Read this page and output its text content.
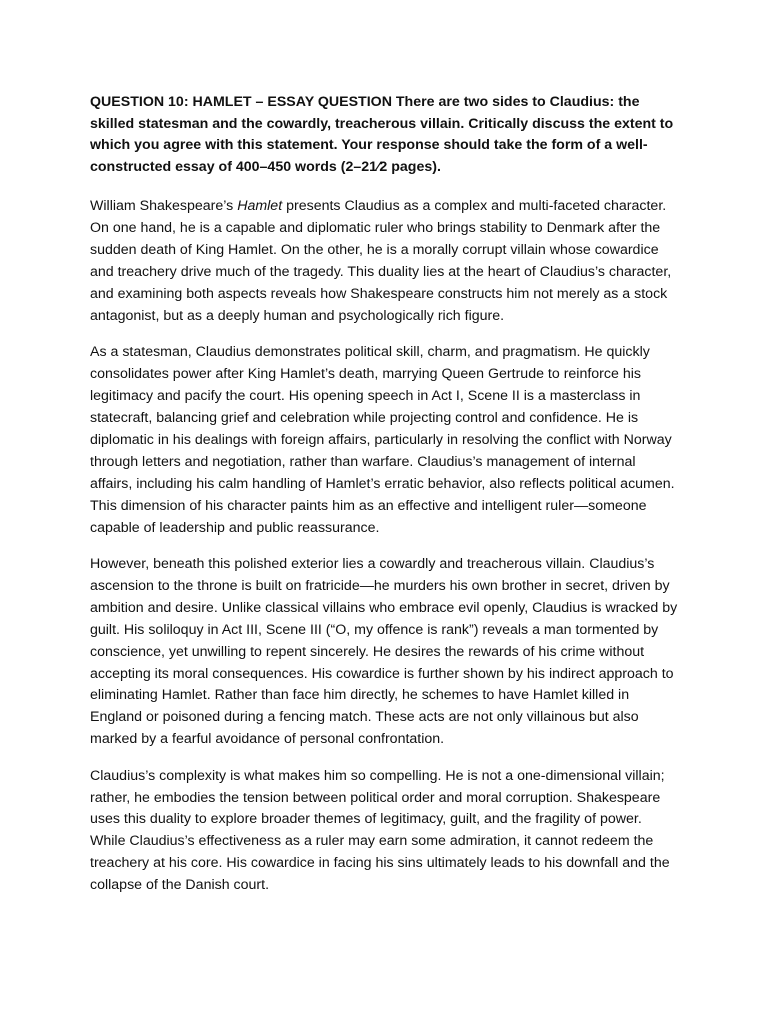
QUESTION 10: HAMLET – ESSAY QUESTION There are two sides to Claudius: the skilled statesman and the cowardly, treacherous villain. Critically discuss the extent to which you agree with this statement. Your response should take the form of a well-constructed essay of 400–450 words (2–21⁄2 pages).

William Shakespeare’s Hamlet presents Claudius as a complex and multi-faceted character. On one hand, he is a capable and diplomatic ruler who brings stability to Denmark after the sudden death of King Hamlet. On the other, he is a morally corrupt villain whose cowardice and treachery drive much of the tragedy. This duality lies at the heart of Claudius’s character, and examining both aspects reveals how Shakespeare constructs him not merely as a stock antagonist, but as a deeply human and psychologically rich figure.

As a statesman, Claudius demonstrates political skill, charm, and pragmatism. He quickly consolidates power after King Hamlet’s death, marrying Queen Gertrude to reinforce his legitimacy and pacify the court. His opening speech in Act I, Scene II is a masterclass in statecraft, balancing grief and celebration while projecting control and confidence. He is diplomatic in his dealings with foreign affairs, particularly in resolving the conflict with Norway through letters and negotiation, rather than warfare. Claudius’s management of internal affairs, including his calm handling of Hamlet’s erratic behavior, also reflects political acumen. This dimension of his character paints him as an effective and intelligent ruler—someone capable of leadership and public reassurance.

However, beneath this polished exterior lies a cowardly and treacherous villain. Claudius’s ascension to the throne is built on fratricide—he murders his own brother in secret, driven by ambition and desire. Unlike classical villains who embrace evil openly, Claudius is wracked by guilt. His soliloquy in Act III, Scene III (“O, my offence is rank”) reveals a man tormented by conscience, yet unwilling to repent sincerely. He desires the rewards of his crime without accepting its moral consequences. His cowardice is further shown by his indirect approach to eliminating Hamlet. Rather than face him directly, he schemes to have Hamlet killed in England or poisoned during a fencing match. These acts are not only villainous but also marked by a fearful avoidance of personal confrontation.

Claudius’s complexity is what makes him so compelling. He is not a one-dimensional villain; rather, he embodies the tension between political order and moral corruption. Shakespeare uses this duality to explore broader themes of legitimacy, guilt, and the fragility of power. While Claudius’s effectiveness as a ruler may earn some admiration, it cannot redeem the treachery at his core. His cowardice in facing his sins ultimately leads to his downfall and the collapse of the Danish court.
